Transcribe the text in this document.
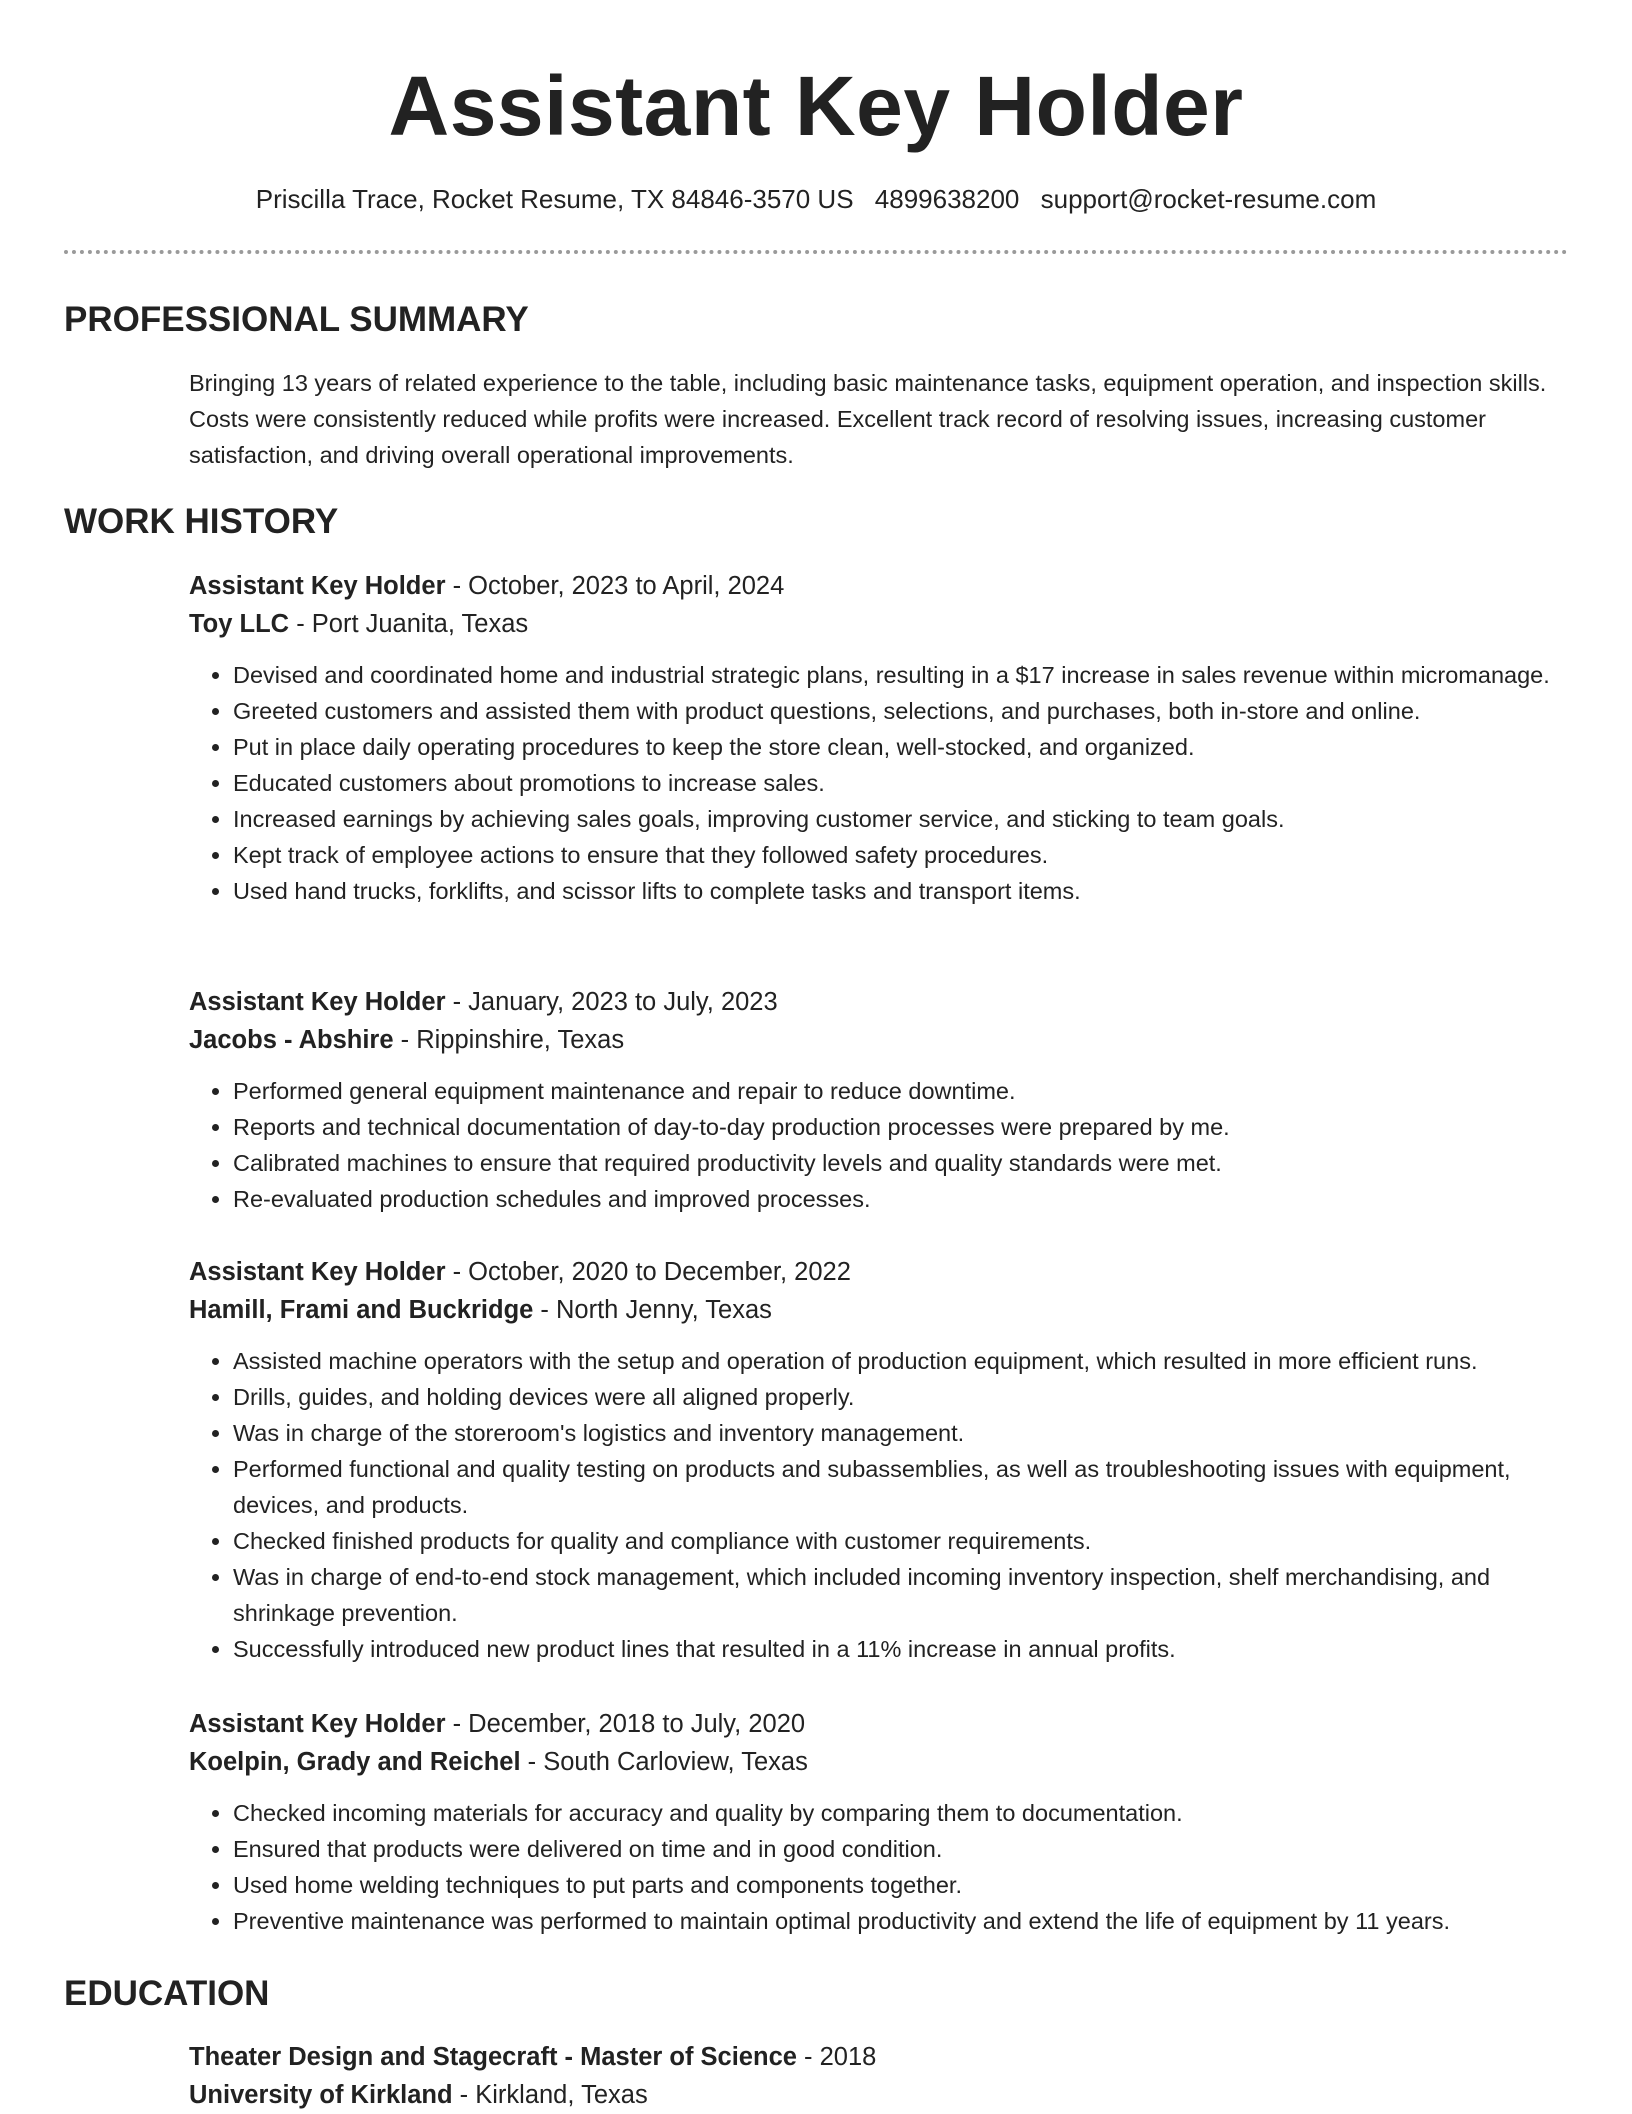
Assistant Key Holder
Priscilla Trace, Rocket Resume, TX 84846-3570 US 4899638200 support@rocket-resume.com
PROFESSIONAL SUMMARY
Bringing 13 years of related experience to the table, including basic maintenance tasks, equipment operation, and inspection skills. Costs were consistently reduced while profits were increased. Excellent track record of resolving issues, increasing customer satisfaction, and driving overall operational improvements.
WORK HISTORY
Assistant Key Holder - October, 2023 to April, 2024
Toy LLC - Port Juanita, Texas
• Devised and coordinated home and industrial strategic plans, resulting in a $17 increase in sales revenue within micromanage.
• Greeted customers and assisted them with product questions, selections, and purchases, both in-store and online.
• Put in place daily operating procedures to keep the store clean, well-stocked, and organized.
• Educated customers about promotions to increase sales.
• Increased earnings by achieving sales goals, improving customer service, and sticking to team goals.
• Kept track of employee actions to ensure that they followed safety procedures.
• Used hand trucks, forklifts, and scissor lifts to complete tasks and transport items.
Assistant Key Holder - January, 2023 to July, 2023
Jacobs - Abshire - Rippinshire, Texas
• Performed general equipment maintenance and repair to reduce downtime.
• Reports and technical documentation of day-to-day production processes were prepared by me.
• Calibrated machines to ensure that required productivity levels and quality standards were met.
• Re-evaluated production schedules and improved processes.
Assistant Key Holder - October, 2020 to December, 2022
Hamill, Frami and Buckridge - North Jenny, Texas
• Assisted machine operators with the setup and operation of production equipment, which resulted in more efficient runs.
• Drills, guides, and holding devices were all aligned properly.
• Was in charge of the storeroom's logistics and inventory management.
• Performed functional and quality testing on products and subassemblies, as well as troubleshooting issues with equipment, devices, and products.
• Checked finished products for quality and compliance with customer requirements.
• Was in charge of end-to-end stock management, which included incoming inventory inspection, shelf merchandising, and shrinkage prevention.
• Successfully introduced new product lines that resulted in a 11% increase in annual profits.
Assistant Key Holder - December, 2018 to July, 2020
Koelpin, Grady and Reichel - South Carloview, Texas
• Checked incoming materials for accuracy and quality by comparing them to documentation.
• Ensured that products were delivered on time and in good condition.
• Used home welding techniques to put parts and components together.
• Preventive maintenance was performed to maintain optimal productivity and extend the life of equipment by 11 years.
EDUCATION
Theater Design and Stagecraft - Master of Science - 2018
University of Kirkland - Kirkland, Texas
